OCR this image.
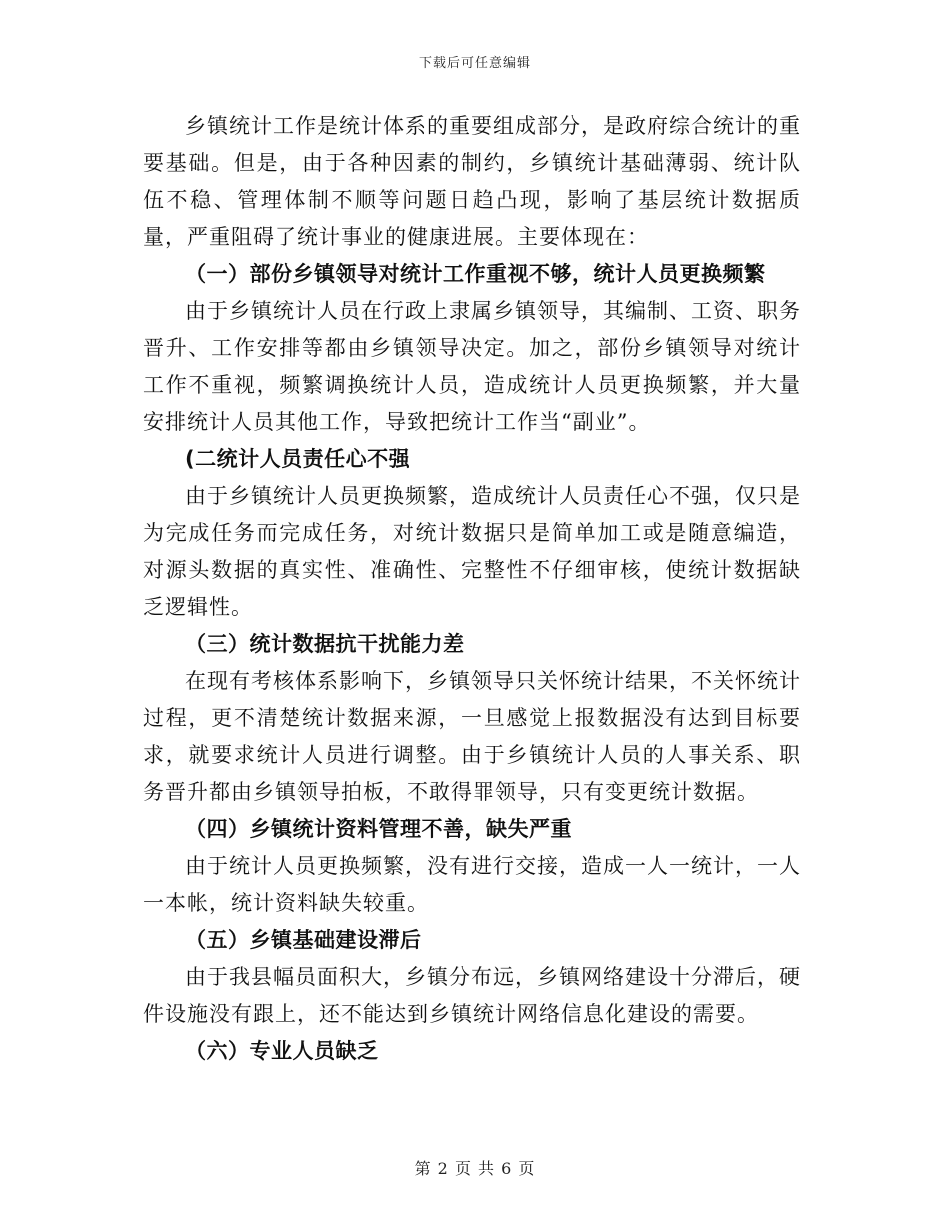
下载后可任意编辑

乡镇统计工作是统计体系的重要组成部分，是政府综合统计的重要基础。但是，由于各种因素的制约，乡镇统计基础薄弱、统计队伍不稳、管理体制不顺等问题日趋凸现，影响了基层统计数据质量，严重阻碍了统计事业的健康进展。主要体现在：

（一）部份乡镇领导对统计工作重视不够，统计人员更换频繁

由于乡镇统计人员在行政上隶属乡镇领导，其编制、工资、职务晋升、工作安排等都由乡镇领导决定。加之，部份乡镇领导对统计工作不重视，频繁调换统计人员，造成统计人员更换频繁，并大量安排统计人员其他工作，导致把统计工作当“副业”。

(二统计人员责任心不强

由于乡镇统计人员更换频繁，造成统计人员责任心不强，仅只是为完成任务而完成任务，对统计数据只是简单加工或是随意编造，对源头数据的真实性、准确性、完整性不仔细审核，使统计数据缺乏逻辑性。

（三）统计数据抗干扰能力差

在现有考核体系影响下，乡镇领导只关怀统计结果，不关怀统计过程，更不清楚统计数据来源，一旦感觉上报数据没有达到目标要求，就要求统计人员进行调整。由于乡镇统计人员的人事关系、职务晋升都由乡镇领导拍板，不敢得罪领导，只有变更统计数据。

（四）乡镇统计资料管理不善，缺失严重

由于统计人员更换频繁，没有进行交接，造成一人一统计，一人一本帐，统计资料缺失较重。

（五）乡镇基础建设滞后

由于我县幅员面积大，乡镇分布远，乡镇网络建设十分滞后，硬件设施没有跟上，还不能达到乡镇统计网络信息化建设的需要。

（六）专业人员缺乏

第 2 页 共 6 页
